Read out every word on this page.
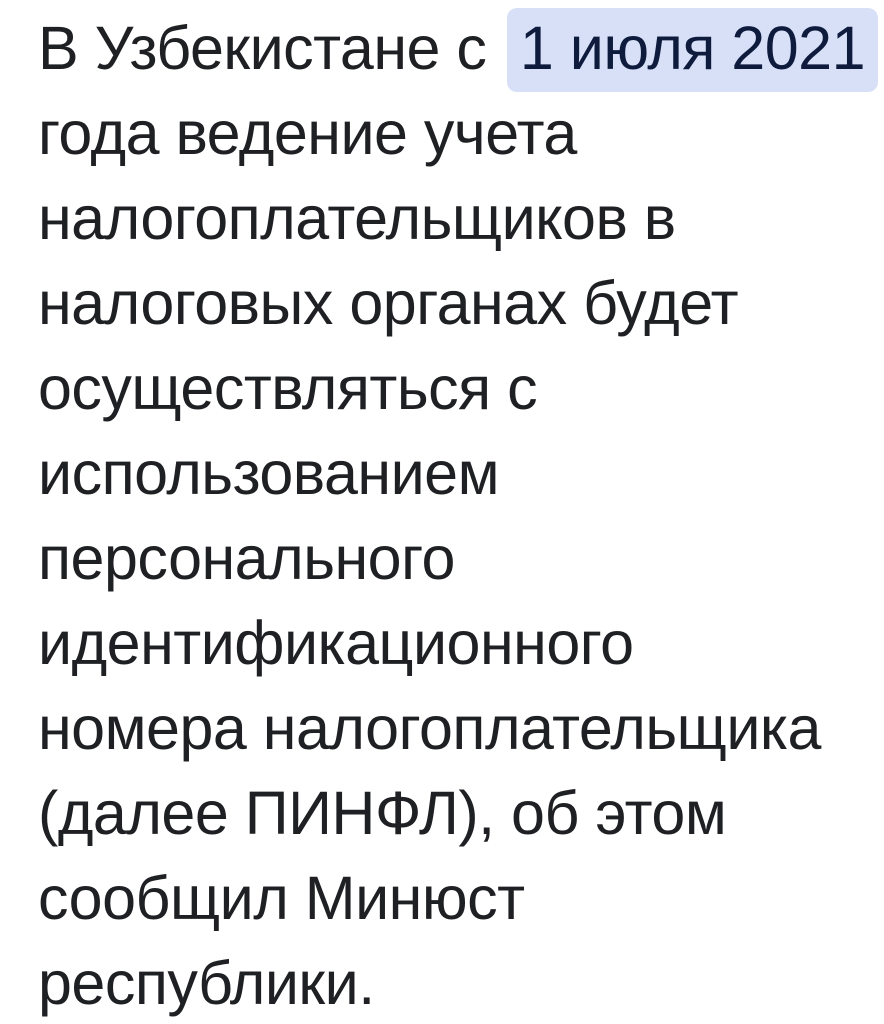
В Узбекистане с 1 июля 2021
года ведение учета
налогоплательщиков в
налоговых органах будет
осуществляться с
использованием
персонального
идентификационного
номера налогоплательщика
(далее ПИНФЛ), об этом
сообщил Минюст
республики.
